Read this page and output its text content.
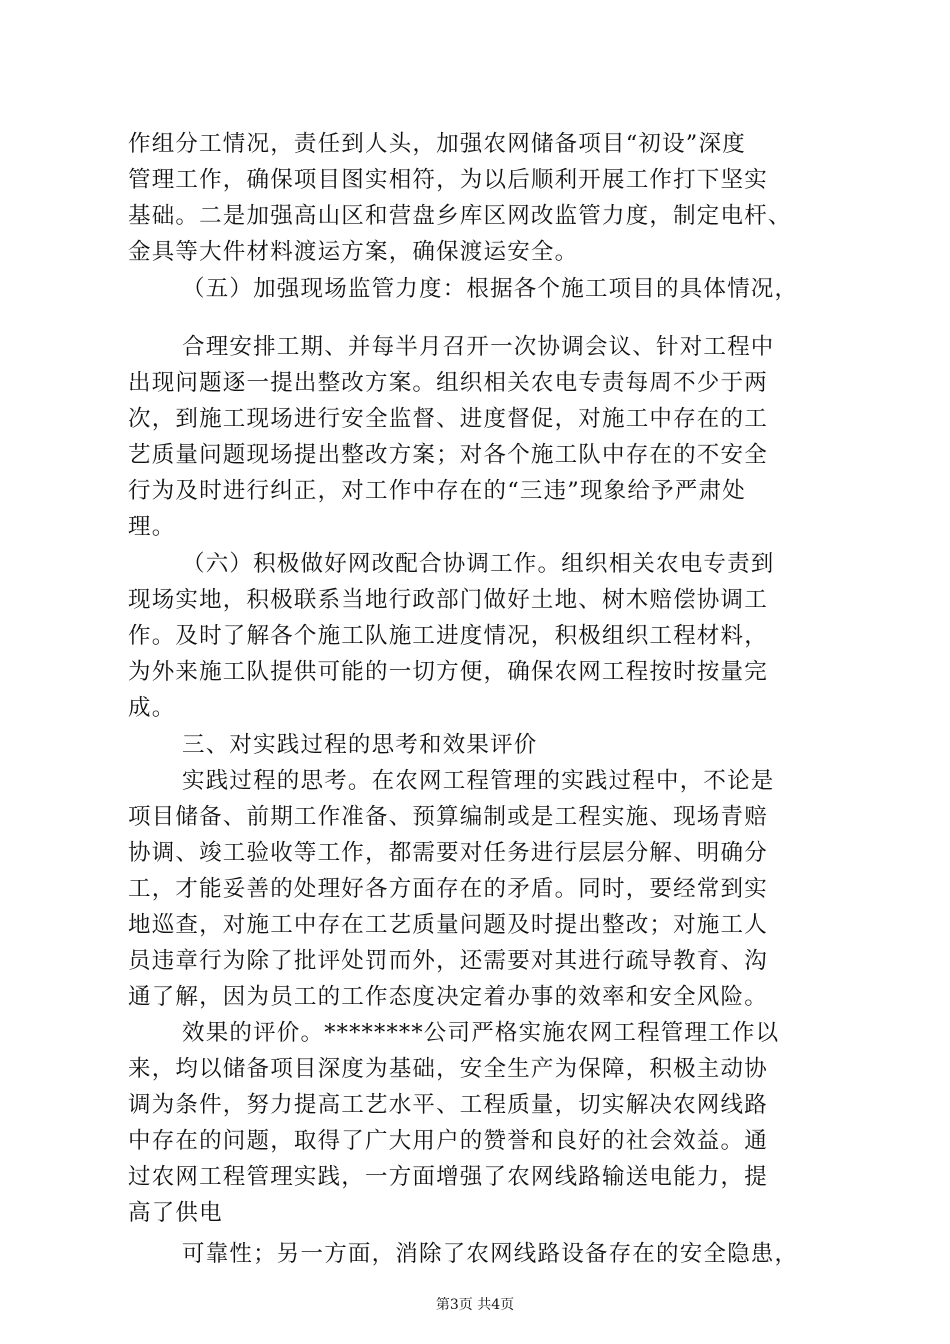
作组分工情况，责任到人头，加强农网储备项目“初设”深度
管理工作，确保项目图实相符，为以后顺利开展工作打下坚实
基础。二是加强高山区和营盘乡库区网改监管力度，制定电杆、
金具等大件材料渡运方案，确保渡运安全。
（五）加强现场监管力度：根据各个施工项目的具体情况，
合理安排工期、并每半月召开一次协调会议、针对工程中
出现问题逐一提出整改方案。组织相关农电专责每周不少于两
次，到施工现场进行安全监督、进度督促，对施工中存在的工
艺质量问题现场提出整改方案；对各个施工队中存在的不安全
行为及时进行纠正，对工作中存在的“三违”现象给予严肃处
理。
（六）积极做好网改配合协调工作。组织相关农电专责到
现场实地，积极联系当地行政部门做好土地、树木赔偿协调工
作。及时了解各个施工队施工进度情况，积极组织工程材料，
为外来施工队提供可能的一切方便，确保农网工程按时按量完
成。
三、对实践过程的思考和效果评价
实践过程的思考。在农网工程管理的实践过程中，不论是
项目储备、前期工作准备、预算编制或是工程实施、现场青赔
协调、竣工验收等工作，都需要对任务进行层层分解、明确分
工，才能妥善的处理好各方面存在的矛盾。同时，要经常到实
地巡查，对施工中存在工艺质量问题及时提出整改；对施工人
员违章行为除了批评处罚而外，还需要对其进行疏导教育、沟
通了解，因为员工的工作态度决定着办事的效率和安全风险。
效果的评价。********公司严格实施农网工程管理工作以
来，均以储备项目深度为基础，安全生产为保障，积极主动协
调为条件，努力提高工艺水平、工程质量，切实解决农网线路
中存在的问题，取得了广大用户的赞誉和良好的社会效益。通
过农网工程管理实践，一方面增强了农网线路输送电能力，提
第3页 共4页
高了供电
可靠性；另一方面，消除了农网线路设备存在的安全隐患，
